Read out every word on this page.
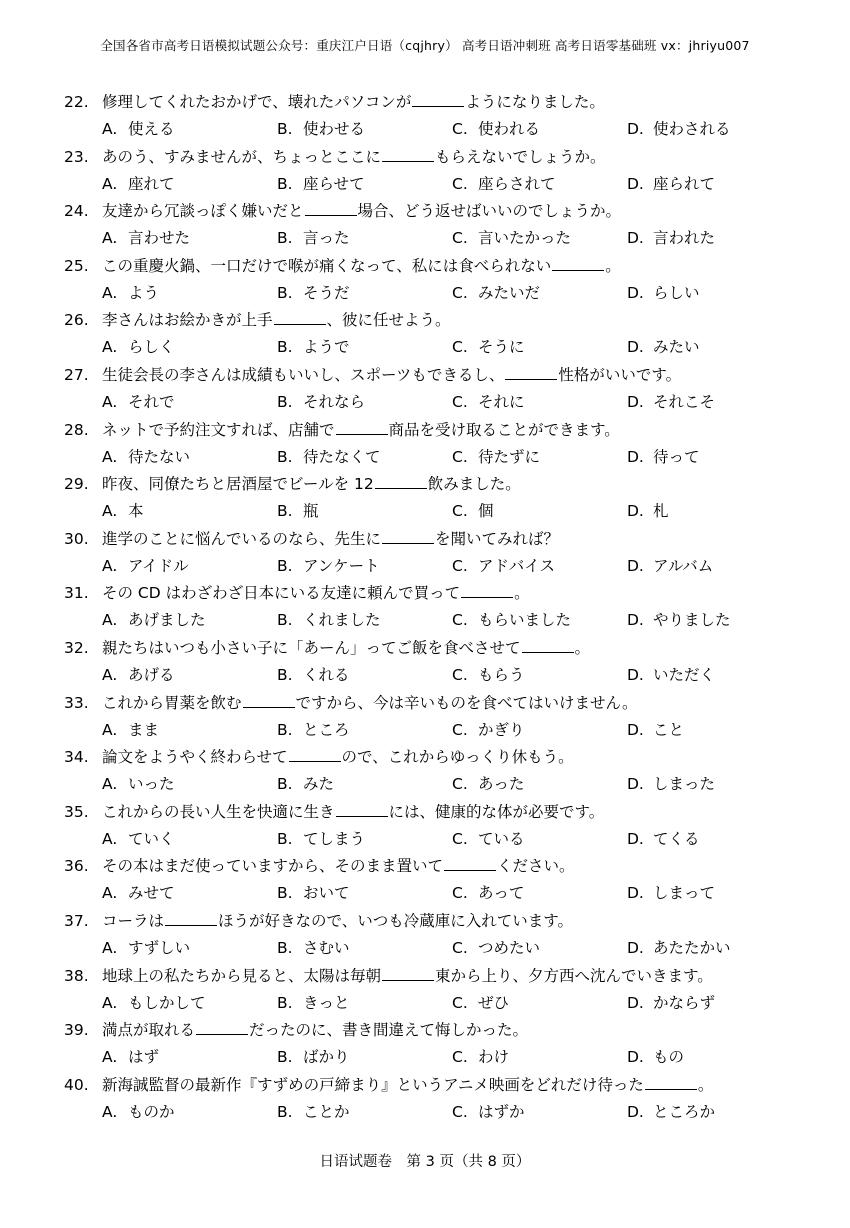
全国各省市高考日语模拟试题公众号：重庆江户日语（cqjhry） 高考日语冲刺班 高考日语零基础班 vx：jhriyu007
22. 修理してくれたおかげで、壊れたパソコンが	ようになりました。
A. 使える	B. 使わせる	C. 使われる	D. 使わされる
23. あのう、すみませんが、ちょっとここに	もらえないでしょうか。
A. 座れて	B. 座らせて	C. 座らされて	D. 座られて
24. 友達から冗談っぽく嫌いだと	場合、どう返せばいいのでしょうか。
A. 言わせた	B. 言った	C. 言いたかった	D. 言われた
25. この重慶火鍋、一口だけで喉が痛くなって、私には食べられない	。
A. よう	B. そうだ	C. みたいだ	D. らしい
26. 李さんはお絵かきが上手	、彼に任せよう。
A. らしく	B. ようで	C. そうに	D. みたい
27. 生徒会長の李さんは成績もいいし、スポーツもできるし、	性格がいいです。
A. それで	B. それなら	C. それに	D. それこそ
28. ネットで予約注文すれば、店舗で	商品を受け取ることができます。
A. 待たない	B. 待たなくて	C. 待たずに	D. 待って
29. 昨夜、同僚たちと居酒屋でビールを 12	飲みました。
A. 本	B. 瓶	C. 個	D. 札
30. 進学のことに悩んでいるのなら、先生に	を聞いてみれば？
A. アイドル	B. アンケート	C. アドバイス	D. アルバム
31. その CD はわざわざ日本にいる友達に頼んで買って	。
A. あげました	B. くれました	C. もらいました	D. やりました
32. 親たちはいつも小さい子に「あーん」ってご飯を食べさせて	。
A. あげる	B. くれる	C. もらう	D. いただく
33. これから胃薬を飲む	ですから、今は辛いものを食べてはいけません。
A. まま	B. ところ	C. かぎり	D. こと
34. 論文をようやく終わらせて	ので、これからゆっくり休もう。
A. いった	B. みた	C. あった	D. しまった
35. これからの長い人生を快適に生き	には、健康的な体が必要です。
A. ていく	B. てしまう	C. ている	D. てくる
36. その本はまだ使っていますから、そのまま置いて	ください。
A. みせて	B. おいて	C. あって	D. しまって
37. コーラは	ほうが好きなので、いつも冷蔵庫に入れています。
A. すずしい	B. さむい	C. つめたい	D. あたたかい
38. 地球上の私たちから見ると、太陽は毎朝	東から上り、夕方西へ沈んでいきます。
A. もしかして	B. きっと	C. ぜひ	D. かならず
39. 満点が取れる	だったのに、書き間違えて悔しかった。
A. はず	B. ばかり	C. わけ	D. もの
40. 新海誠監督の最新作『すずめの戸締まり』というアニメ映画をどれだけ待った	。
A. ものか	B. ことか	C. はずか	D. ところか
日语试题卷　第 3 页（共 8 页）
